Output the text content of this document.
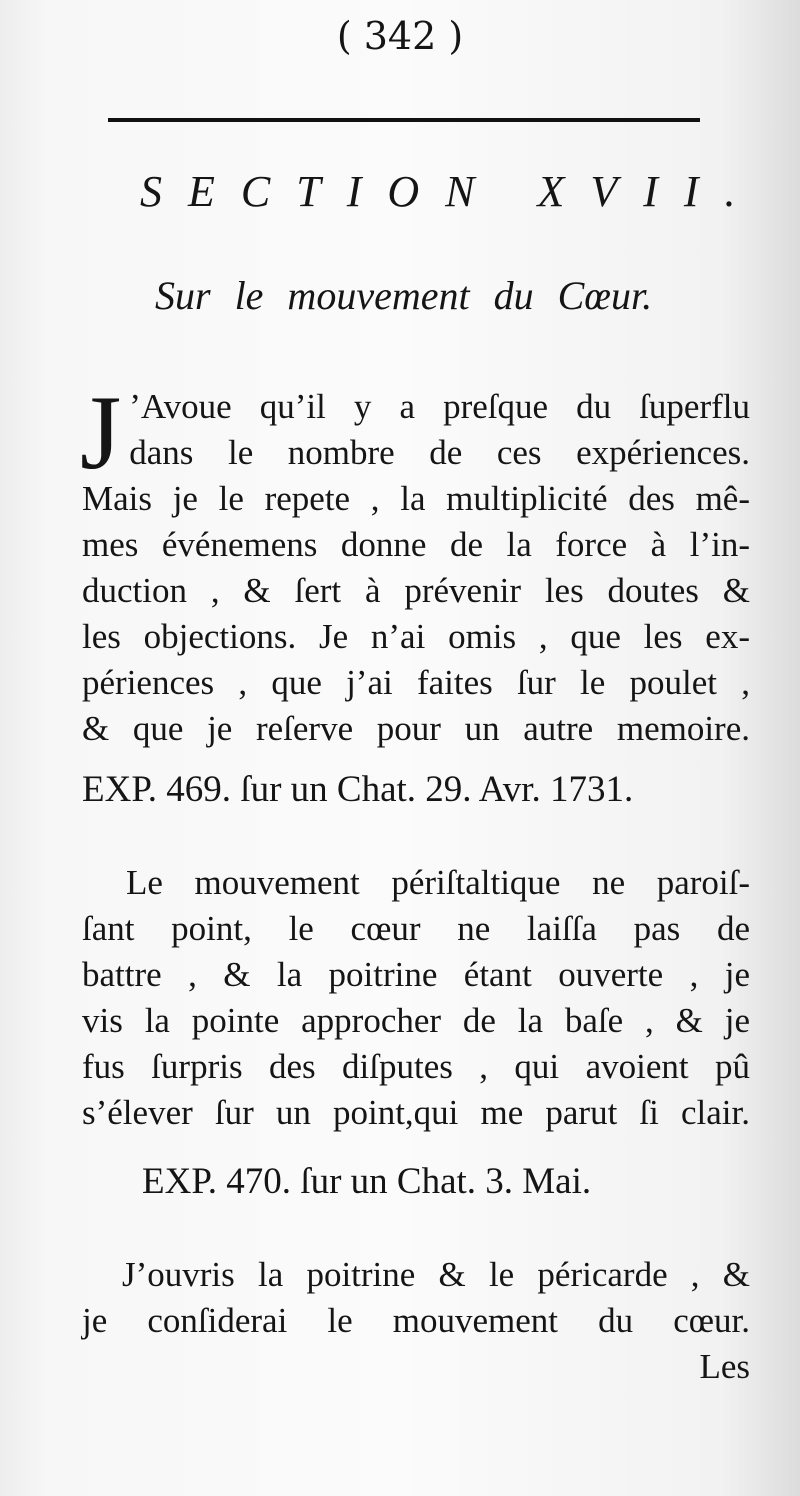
( 342 )
SECTION XVII.
Sur le mouvement du Cœur.
J ’Avoue qu’il y a preſque du ſuperflu
dans le nombre de ces expériences.
Mais je le repete , la multiplicité des mê-
mes événemens donne de la force à l’in-
duction , & ſert à prévenir les doutes &
les objections. Je n’ai omis , que les ex-
périences , que j’ai faites ſur le poulet ,
& que je reſerve pour un autre memoire.
EXP. 469. ſur un Chat. 29. Avr. 1731.
Le mouvement périſtaltique ne paroiſ-
ſant point, le cœur ne laiſſa pas de
battre , & la poitrine étant ouverte , je
vis la pointe approcher de la baſe , & je
fus ſurpris des diſputes , qui avoient pû
s’élever ſur un point,qui me parut ſi clair.
EXP. 470. ſur un Chat. 3. Mai.
J’ouvris la poitrine & le péricarde , &
je conſiderai le mouvement du cœur.
Les
